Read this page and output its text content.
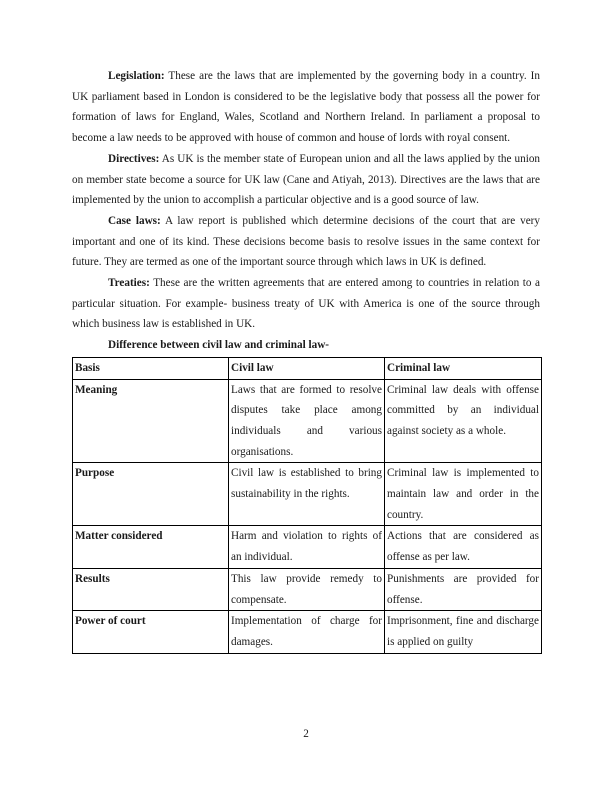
Legislation: These are the laws that are implemented by the governing body in a country. In UK parliament based in London is considered to be the legislative body that possess all the power for formation of laws for England, Wales, Scotland and Northern Ireland. In parliament a proposal to become a law needs to be approved with house of common and house of lords with royal consent.

Directives: As UK is the member state of European union and all the laws applied by the union on member state become a source for UK law (Cane and Atiyah, 2013). Directives are the laws that are implemented by the union to accomplish a particular objective and is a good source of law.

Case laws: A law report is published which determine decisions of the court that are very important and one of its kind. These decisions become basis to resolve issues in the same context for future. They are termed as one of the important source through which laws in UK is defined.

Treaties: These are the written agreements that are entered among to countries in relation to a particular situation. For example- business treaty of UK with America is one of the source through which business law is established in UK.

Difference between civil law and criminal law-

Basis	Civil law	Criminal law
Meaning	Laws that are formed to resolve disputes take place among individuals and various organisations.	Criminal law deals with offense committed by an individual against society as a whole.
Purpose	Civil law is established to bring sustainability in the rights.	Criminal law is implemented to maintain law and order in the country.
Matter considered	Harm and violation to rights of an individual.	Actions that are considered as offense as per law.
Results	This law provide remedy to compensate.	Punishments are provided for offense.
Power of court	Implementation of charge for damages.	Imprisonment, fine and discharge is applied on guilty
2
